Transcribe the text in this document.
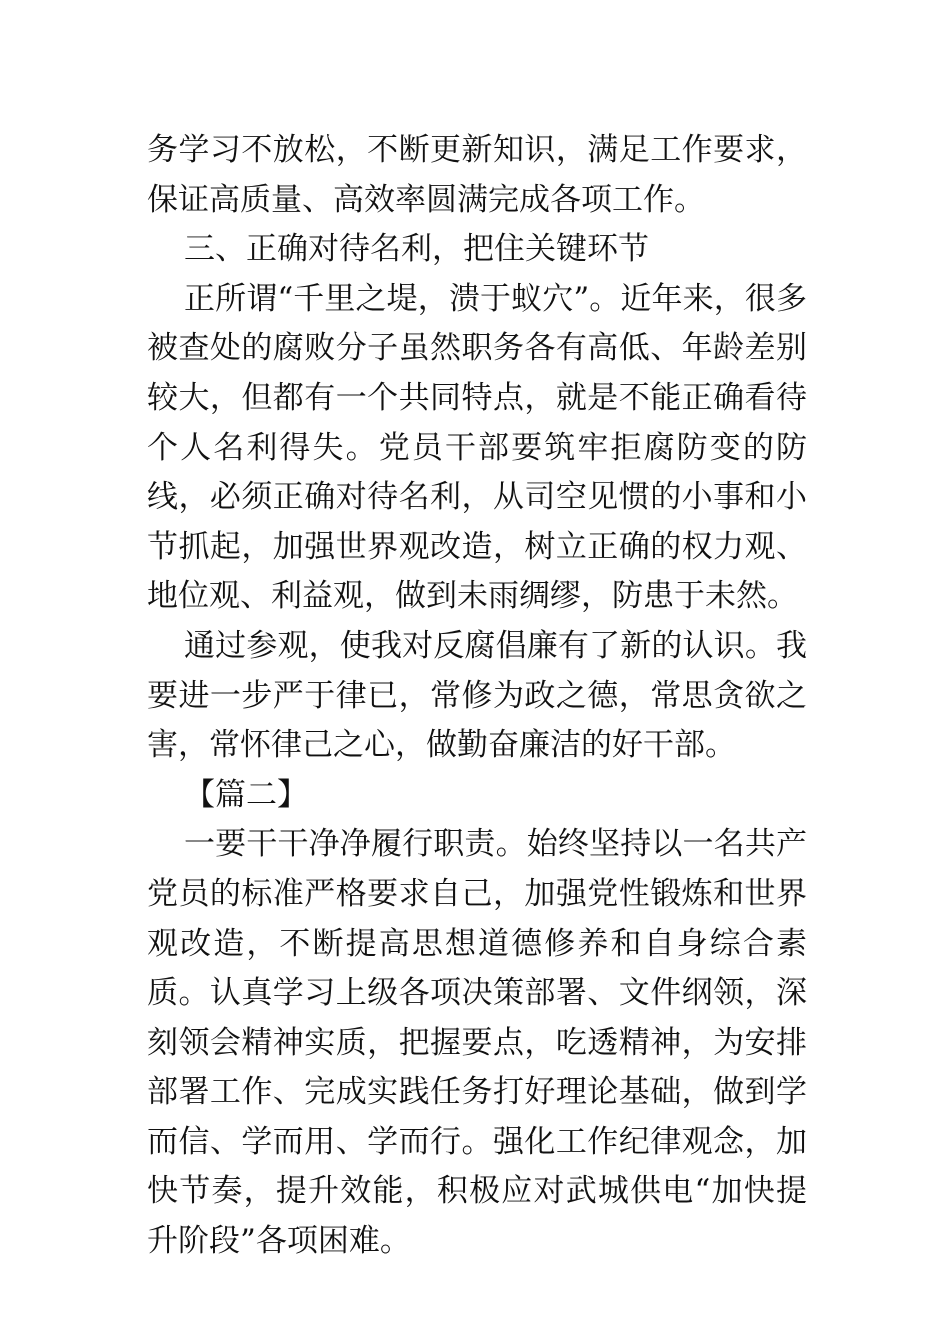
务学习不放松，不断更新知识，满足工作要求，保证高质量、高效率圆满完成各项工作。

三、正确对待名利，把住关键环节

正所谓“千里之堤，溃于蚁穴”。近年来，很多被查处的腐败分子虽然职务各有高低、年龄差别较大，但都有一个共同特点，就是不能正确看待个人名利得失。党员干部要筑牢拒腐防变的防线，必须正确对待名利，从司空见惯的小事和小节抓起，加强世界观改造，树立正确的权力观、地位观、利益观，做到未雨绸缪，防患于未然。

通过参观，使我对反腐倡廉有了新的认识。我要进一步严于律已，常修为政之德，常思贪欲之害，常怀律己之心，做勤奋廉洁的好干部。

【篇二】

一要干干净净履行职责。始终坚持以一名共产党员的标准严格要求自己，加强党性锻炼和世界观改造，不断提高思想道德修养和自身综合素质。认真学习上级各项决策部署、文件纲领，深刻领会精神实质，把握要点，吃透精神，为安排部署工作、完成实践任务打好理论基础，做到学而信、学而用、学而行。强化工作纪律观念，加快节奏，提升效能，积极应对武城供电“加快提升阶段”各项困难。
